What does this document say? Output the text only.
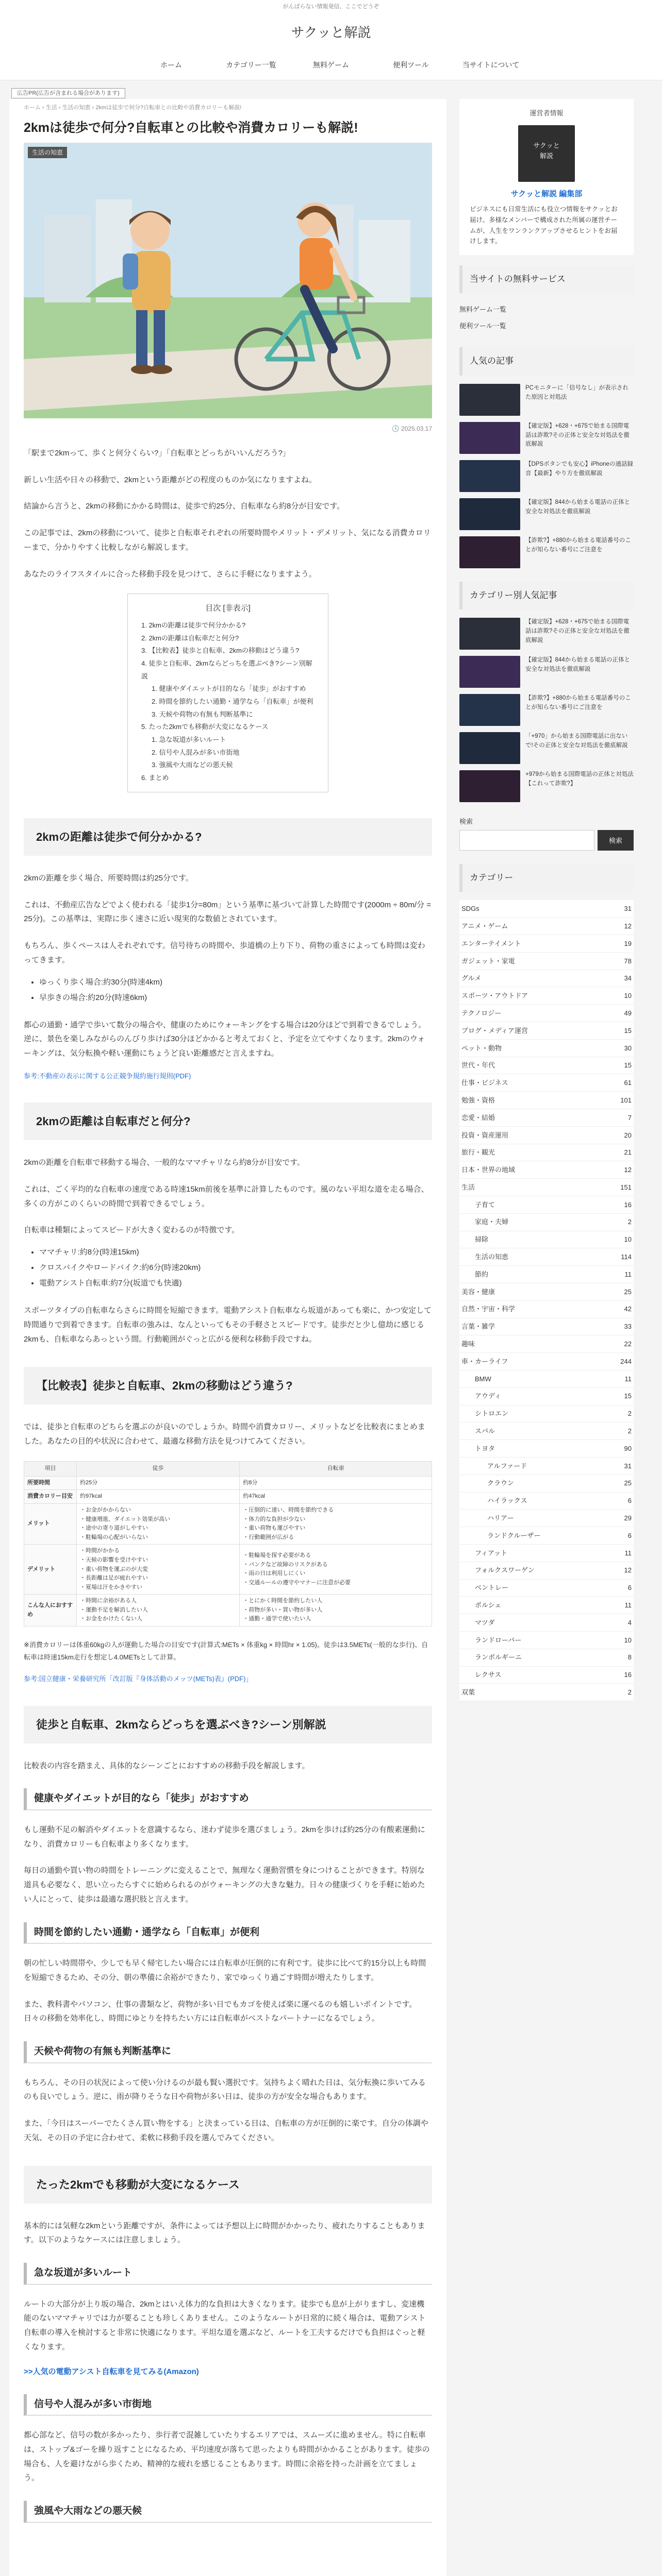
がんばらない情報発信、ここでどうぞ
サクッと解説
ホーム	カテゴリー一覧	無料ゲーム	便利ツール	当サイトについて
広告PR(広告が含まれる場合があります)
ホーム › 生活 › 生活の知恵 › 2kmは徒歩で何分?自転車との比較や消費カロリーも解説!
2kmは徒歩で何分?自転車との比較や消費カロリーも解説!
生活の知恵
🕓 2025.03.17

「駅まで2kmって、歩くと何分くらい?」「自転車とどっちがいいんだろう?」

新しい生活や日々の移動で、2kmという距離がどの程度のものか気になりますよね。

結論から言うと、2kmの移動にかかる時間は、徒歩で約25分、自転車なら約8分が目安です。

この記事では、2kmの移動について、徒歩と自転車それぞれの所要時間やメリット・デメリット、気になる消費カロリーまで、分かりやすく比較しながら解説します。

あなたのライフスタイルに合った移動手段を見つけて、さらに手軽になりますよう。

目次 [非表示]
1. 2kmの距離は徒歩で何分かかる?
2. 2kmの距離は自転車だと何分?
3. 【比較表】徒歩と自転車、2kmの移動はどう違う?
4. 徒歩と自転車、2kmならどっちを選ぶべき?シーン別解説
1. 健康やダイエットが目的なら「徒歩」がおすすめ
2. 時間を節約したい通勤・通学なら「自転車」が便利
3. 天候や荷物の有無も判断基準に
5. たった2kmでも移動が大変になるケース
1. 急な坂道が多いルート
2. 信号や人混みが多い市街地
3. 強風や大雨などの悪天候
6. まとめ
2kmの距離は徒歩で何分かかる?

2kmの距離を歩く場合、所要時間は約25分です。

これは、不動産広告などでよく使われる「徒歩1分=80m」という基準に基づいて計算した時間です(2000m ÷ 80m/分 = 25分)。この基準は、実際に歩く速さに近い現実的な数値とされています。

もちろん、歩くペースは人それぞれです。信号待ちの時間や、歩道橋の上り下り、荷物の重さによっても時間は変わってきます。

• ゆっくり歩く場合:約30分(時速4km)
• 早歩きの場合:約20分(時速6km)

都心の通勤・通学で歩いて数分の場合や、健康のためにウォーキングをする場合は20分ほどで到着できるでしょう。逆に、景色を楽しみながらのんびり歩けば30分ほどかかると考えておくと、予定を立てやすくなります。2kmのウォーキングは、気分転換や軽い運動にちょうど良い距離感だと言えますね。

参考:不動産の表示に関する公正競争規約施行規則(PDF)
2kmの距離は自転車だと何分?

2kmの距離を自転車で移動する場合、一般的なママチャリなら約8分が目安です。

これは、ごく平均的な自転車の速度である時速15km前後を基準に計算したものです。風のない平坦な道を走る場合、多くの方がこのくらいの時間で到着できるでしょう。

自転車は種類によってスピードが大きく変わるのが特徴です。

• ママチャリ:約8分(時速15km)
• クロスバイクやロードバイク:約6分(時速20km)
• 電動アシスト自転車:約7分(坂道でも快適)

スポーツタイプの自転車ならさらに時間を短縮できます。電動アシスト自転車なら坂道があっても楽に、かつ安定して時間通りで到着できます。自転車の強みは、なんといってもその手軽さとスピードです。徒歩だと少し億劫に感じる2kmも、自転車ならあっという間。行動範囲がぐっと広がる便利な移動手段ですね。

【比較表】徒歩と自転車、2kmの移動はどう違う?

では、徒歩と自転車のどちらを選ぶのが良いのでしょうか。時間や消費カロリー、メリットなどを比較表にまとめました。あなたの目的や状況に合わせて、最適な移動方法を見つけてみてください。

項目	徒歩	自転車
所要時間	約25分	約8分
消費カロリー目安	約97kcal	約47kcal
メリット	・お金がかからない
・健康増進、ダイエット効果が高い
・途中の寄り道がしやすい
・駐輪場の心配がいらない	・圧倒的に速い、時間を節約できる
・体力的な負担が少ない
・重い荷物も運びやすい
・行動範囲が広がる
デメリット	・時間がかかる
・天候の影響を受けやすい
・重い荷物を運ぶのが大変
・長距離は足が疲れやすい
・夏場は汗をかきやすい	・駐輪場を探す必要がある
・パンクなど故障のリスクがある
・雨の日は利用しにくい
・交通ルールの遵守やマナーに注意が必要
こんな人におすすめ	・時間に余裕がある人
・運動不足を解消したい人
・お金をかけたくない人	・とにかく時間を節約したい人
・荷物が多い・買い物が多い人
・通勤・通学で使いたい人

※消費カロリーは体重60kgの人が運動した場合の目安です(計算式:METs × 体重kg × 時間hr × 1.05)。徒歩は3.5METs(一般的な歩行)、自転車は時速15km走行を想定し4.0METsとして計算。

参考:国立健康・栄養研究所「改訂版『身体活動のメッツ(METs)表』(PDF)」
徒歩と自転車、2kmならどっちを選ぶべき?シーン別解説

比較表の内容を踏まえ、具体的なシーンごとにおすすめの移動手段を解説します。

健康やダイエットが目的なら「徒歩」がおすすめ

もし運動不足の解消やダイエットを意識するなら、迷わず徒歩を選びましょう。2kmを歩けば約25分の有酸素運動になり、消費カロリーも自転車より多くなります。

毎日の通勤や買い物の時間をトレーニングに変えることで、無理なく運動習慣を身につけることができます。特別な道具も必要なく、思い立ったらすぐに始められるのがウォーキングの大きな魅力。日々の健康づくりを手軽に始めたい人にとって、徒歩は最適な選択肢と言えます。

時間を節約したい通勤・通学なら「自転車」が便利

朝の忙しい時間帯や、少しでも早く帰宅したい場合には自転車が圧倒的に有利です。徒歩に比べて約15分以上も時間を短縮できるため、その分、朝の準備に余裕ができたり、家でゆっくり過ごす時間が増えたりします。

また、教科書やパソコン、仕事の書類など、荷物が多い日でもカゴを使えば楽に運べるのも嬉しいポイントです。日々の移動を効率化し、時間にゆとりを持ちたい方には自転車がベストなパートナーになるでしょう。

天候や荷物の有無も判断基準に

もちろん、その日の状況によって使い分けるのが最も賢い選択です。気持ちよく晴れた日は、気分転換に歩いてみるのも良いでしょう。逆に、雨が降りそうな日や荷物が多い日は、徒歩の方が安全な場合もあります。

また、「今日はスーパーでたくさん買い物をする」と決まっている日は、自転車の方が圧倒的に楽です。自分の体調や天気、その日の予定に合わせて、柔軟に移動手段を選んでみてください。

たった2kmでも移動が大変になるケース

基本的には気軽な2kmという距離ですが、条件によっては予想以上に時間がかかったり、疲れたりすることもあります。以下のようなケースには注意しましょう。

急な坂道が多いルート

ルートの大部分が上り坂の場合、2kmとはいえ体力的な負担は大きくなります。徒歩でも息が上がりますし、変速機能のないママチャリでは力が要ることも珍しくありません。このようなルートが日常的に続く場合は、電動アシスト自転車の導入を検討すると非常に快適になります。平坦な道を選ぶなど、ルートを工夫するだけでも負担はぐっと軽くなります。

>>人気の電動アシスト自転車を見てみる(Amazon)
信号や人混みが多い市街地

都心部など、信号の数が多かったり、歩行者で混雑していたりするエリアでは、スムーズに進めません。特に自転車は、ストップ&ゴーを繰り返すことになるため、平均速度が落ちて思ったよりも時間がかかることがあります。徒歩の場合も、人を避けながら歩くため、精神的な疲れを感じることもあります。時間に余裕を持った計画を立てましょう。

強風や大雨などの悪天候
運営者情報
サクッと
解説
サクッと解説 編集部
ビジネスにも日常生活にも役立つ情報をサクッとお届け。多様なメンバーで構成された所属の運営チームが、人生をワンランクアップさせるヒントをお届けします。
当サイトの無料サービス
無料ゲーム一覧
便利ツール一覧
人気の記事
PCモニターに「信号なし」が表示された原因と対処法
【確定版】+628・+675で始まる国際電話は詐欺?その正体と安全な対処法を徹底解説
【DPSボタンでも安心】iPhoneの通話録音【最新】やり方を徹底解説
【確定版】844から始まる電話の正体と安全な対処法を徹底解説
【詐欺?】+880から始まる電話番号のことが知らない番号にご注意を
カテゴリー別人気記事
【確定版】+628・+675で始まる国際電話は詐欺?その正体と安全な対処法を徹底解説
【確定版】844から始まる電話の正体と安全な対処法を徹底解説
【詐欺?】+880から始まる電話番号のことが知らない番号にご注意を
「+970」から始まる国際電話に出ないで!その正体と安全な対処法を徹底解説
+979から始まる国際電話の正体と対処法【これって詐欺?】
検索
検索
カテゴリー
SDGs	31
アニメ・ゲーム	12
エンターテイメント	19
ガジェット・家電	78
グルメ	34
スポーツ・アウトドア	10
テクノロジー	49
ブログ・メディア運営	15
ペット・動物	30
世代・年代	15
仕事・ビジネス	61
勉強・資格	101
恋愛・結婚	7
投資・資産運用	20
旅行・観光	21
日本・世界の地域	12
生活	151
子育て	16
家庭・夫婦	2
掃除	10
生活の知恵	114
節約	11
美容・健康	25
自然・宇宙・科学	42
言葉・雑学	33
趣味	22
車・カーライフ	244
BMW	11
アウディ	15
シトロエン	2
スバル	2
トヨタ	90
アルファード	31
クラウン	25
ハイラックス	6
ハリアー	29
ランドクルーザー	6
フィアット	11
フォルクスワーゲン	12
ベントレー	6
ポルシェ	11
マツダ	4
ランドローバー	10
ランボルギーニ	8
レクサス	16
双葉	2
